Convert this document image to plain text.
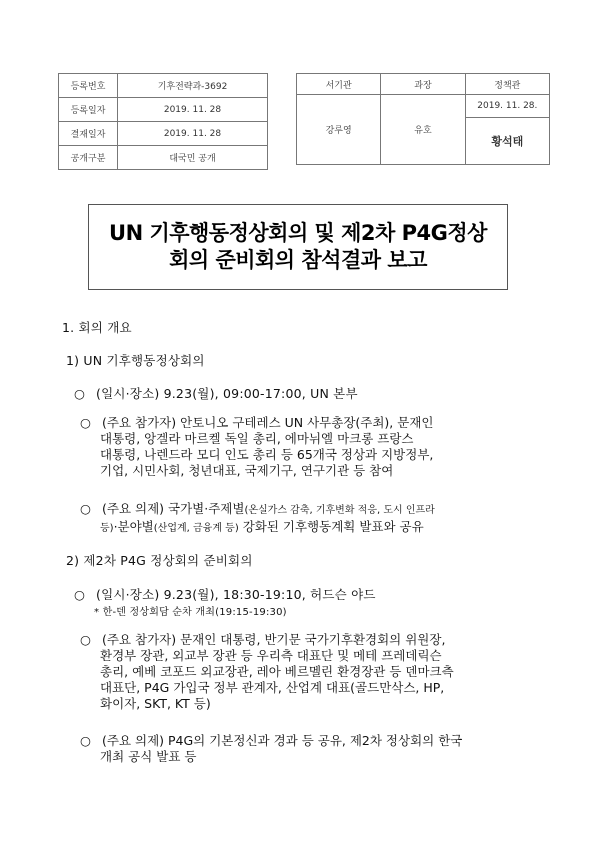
등록번호	기후전략과-3692
등록일자	2019. 11. 28
결재일자	2019. 11. 28
공개구분	대국민 공개
서기관	과장	정책관
강루영	유호	2019. 11. 28.
		황석태
UN 기후행동정상회의 및 제2차 P4G정상
회의 준비회의 참석결과 보고
1. 회의 개요
1) UN 기후행동정상회의
○ (일시·장소) 9.23(월), 09:00-17:00, UN 본부
○ (주요 참가자) 안토니오 구테레스 UN 사무총장(주최), 문재인
대통령, 앙겔라 마르켈 독일 총리, 에마뉘엘 마크롱 프랑스
대통령, 나렌드라 모디 인도 총리 등 65개국 정상과 지방정부,
기업, 시민사회, 청년대표, 국제기구, 연구기관 등 참여
○ (주요 의제) 국가별·주제별(온실가스 감축, 기후변화 적응, 도시 인프라
등)·분야별(산업계, 금융계 등) 강화된 기후행동계획 발표와 공유
2) 제2차 P4G 정상회의 준비회의
○ (일시·장소) 9.23(월), 18:30-19:10, 허드슨 야드
* 한-덴 정상회담 순차 개최(19:15-19:30)
○ (주요 참가자) 문재인 대통령, 반기문 국가기후환경회의 위원장,
환경부 장관, 외교부 장관 등 우리측 대표단 및 메테 프레데릭슨
총리, 예베 코포드 외교장관, 레아 베르멜린 환경장관 등 덴마크측
대표단, P4G 가입국 정부 관계자, 산업계 대표(골드만삭스, HP,
화이자, SKT, KT 등)
○ (주요 의제) P4G의 기본정신과 경과 등 공유, 제2차 정상회의 한국
개최 공식 발표 등
